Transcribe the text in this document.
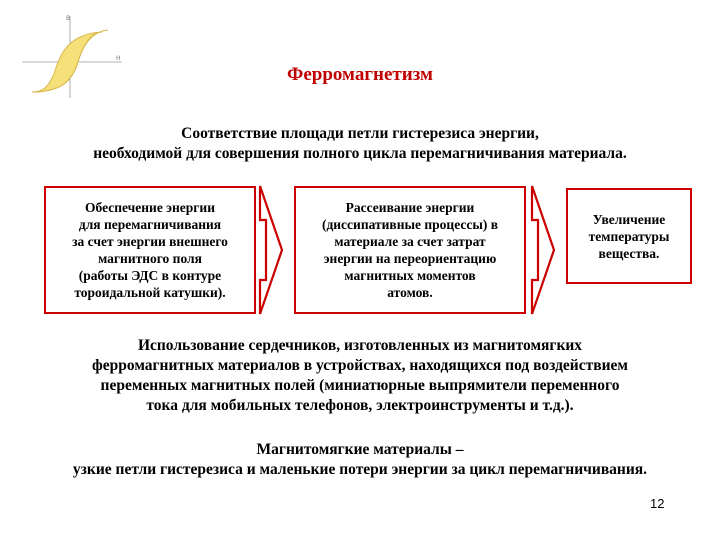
B
H
Ферромагнетизм
Соответствие площади петли гистерезиса энергии,
необходимой для совершения полного цикла перемагничивания материала.
Обеспечение энергии
для перемагничивания
за счет энергии внешнего
магнитного поля
(работы ЭДС в контуре
тороидальной катушки).
Рассеивание энергии
(диссипативные процессы) в
материале за счет затрат
энергии на переориентацию
магнитных моментов
атомов.
Увеличение
температуры
вещества.
Использование сердечников, изготовленных из магнитомягких
ферромагнитных материалов в устройствах, находящихся под воздействием
переменных магнитных полей (миниатюрные выпрямители переменного
тока для мобильных телефонов, электроинструменты и т.д.).
Магнитомягкие материалы –
узкие петли гистерезиса и маленькие потери энергии за цикл перемагничивания.
12
